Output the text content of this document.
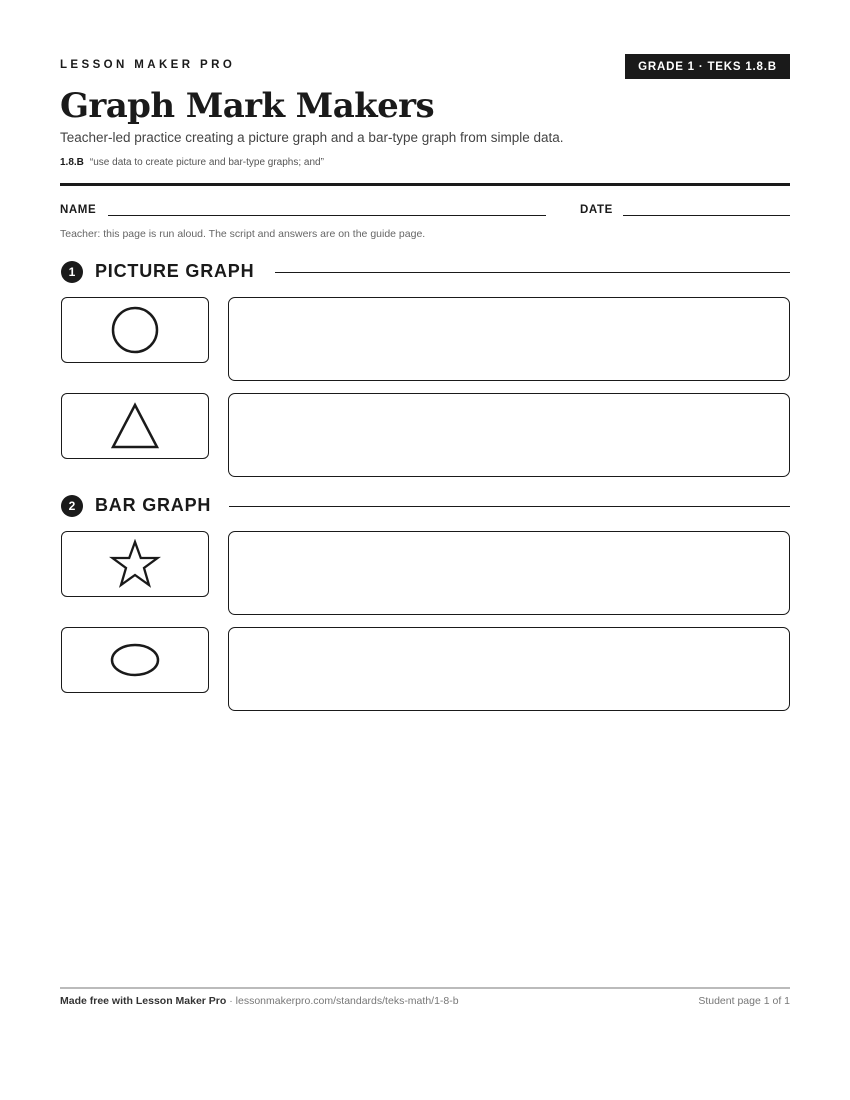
LESSON MAKER PRO	GRADE 1 · TEKS 1.8.B
Graph Mark Makers
Teacher-led practice creating a picture graph and a bar-type graph from simple data.
1.8.B “use data to create picture and bar-type graphs; and”
NAME	DATE
Teacher: this page is run aloud. The script and answers are on the guide page.
1	PICTURE GRAPH
2	BAR GRAPH
Made free with Lesson Maker Pro · lessonmakerpro.com/standards/teks-math/1-8-b	Student page 1 of 1
